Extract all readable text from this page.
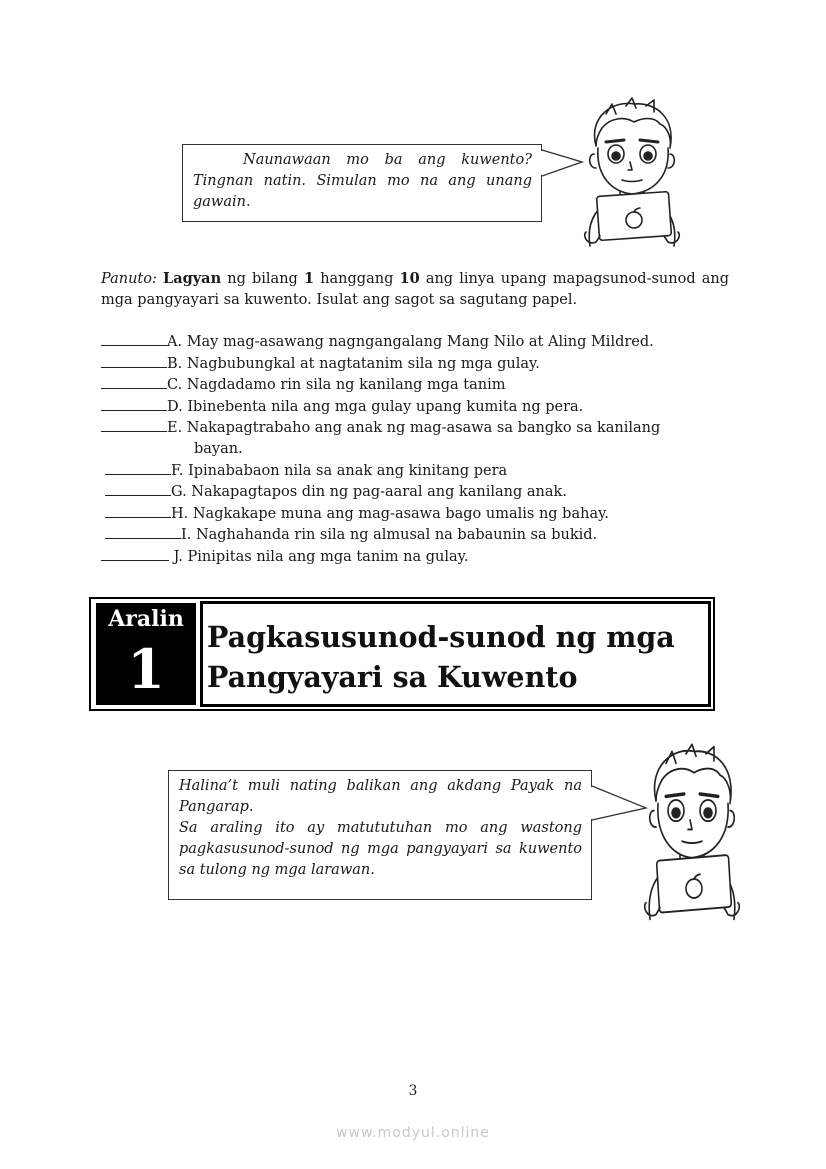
Naunawaan mo ba ang kuwento? Tingnan natin. Simulan mo na ang unang gawain.

Panuto: Lagyan ng bilang 1 hanggang 10 ang linya upang mapagsunod-sunod ang mga pangyayari sa kuwento. Isulat ang sagot sa sagutang papel.
A. May mag-asawang nagngangalang Mang Nilo at Aling Mildred.
B. Nagbubungkal at nagtatanim sila ng mga gulay.
C. Nagdadamo rin sila ng kanilang mga tanim
D. Ibinebenta nila ang mga gulay upang kumita ng pera.
E. Nakapagtrabaho ang anak ng mag-asawa sa bangko sa kanilang
bayan.
F. Ipinababaon nila sa anak ang kinitang pera
G. Nakapagtapos din ng pag-aaral ang kanilang anak.
H. Nagkakape muna ang mag-asawa bago umalis ng bahay.
I. Naghahanda rin sila ng almusal na babaunin sa bukid.
J. Pinipitas nila ang mga tanim na gulay.
Aralin
1	Pagkasusunod-sunod ng mga
Pangyayari sa Kuwento

Halina’t muli nating balikan ang akdang Payak na Pangarap.

Sa araling ito ay matututuhan mo ang wastong pagkasusunod-sunod ng mga pangyayari sa kuwento sa tulong ng mga larawan.

3
www.modyul.online
